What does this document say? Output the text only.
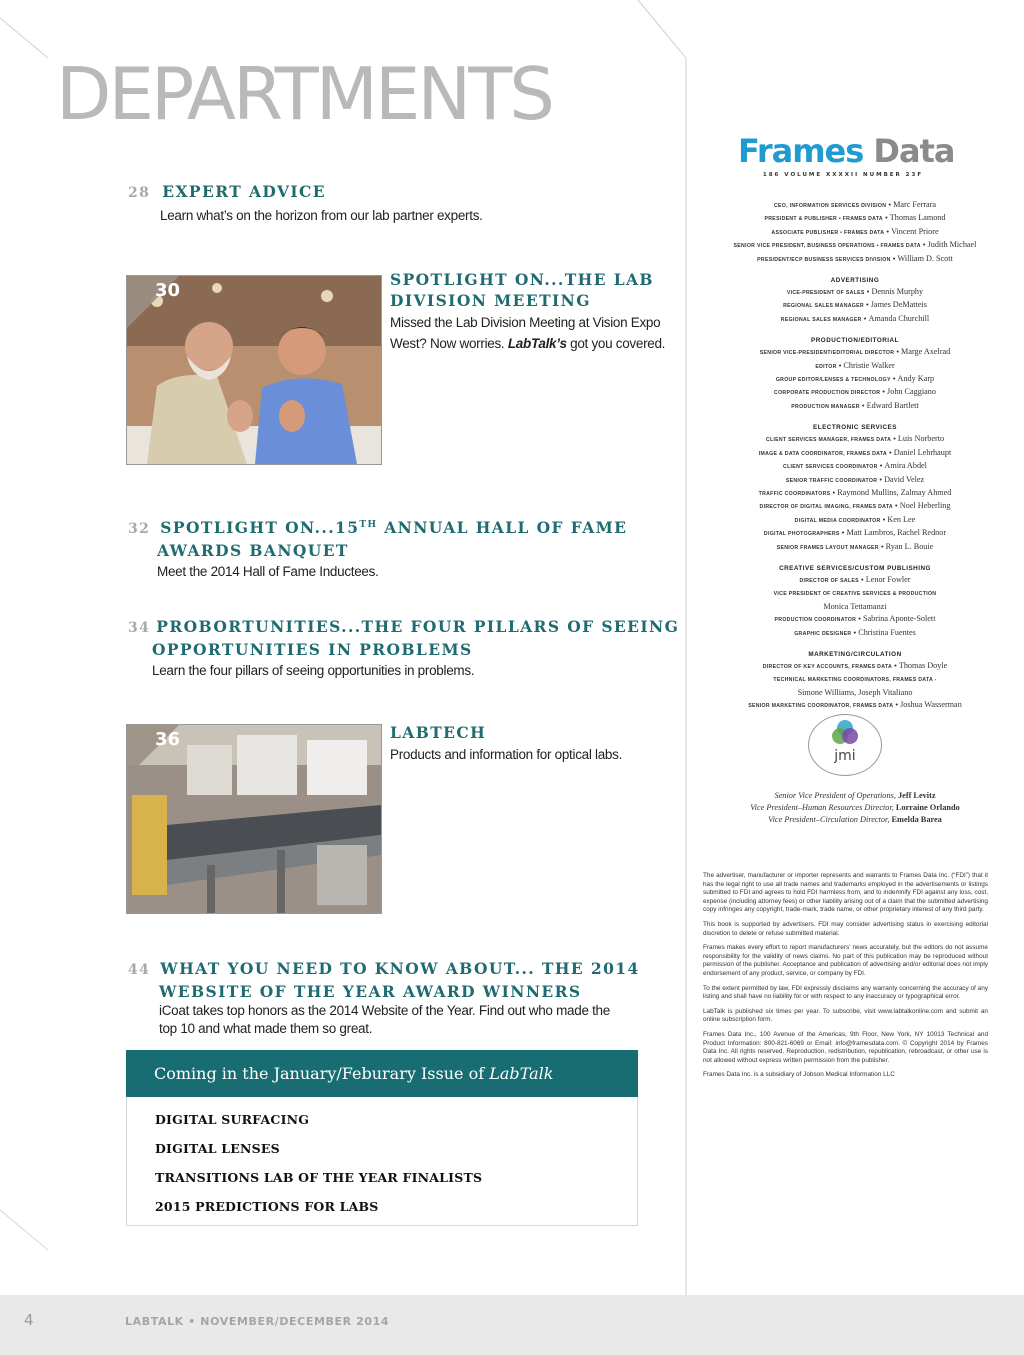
DEPARTMENTS
28 EXPERT ADVICE
Learn what’s on the horizon from our lab partner experts.
30
SPOTLIGHT ON...THE LAB
DIVISION MEETING
Missed the Lab Division Meeting at Vision Expo
West? Now worries. LabTalk’s got you covered.
32 SPOTLIGHT ON...15TH ANNUAL HALL OF FAME
AWARDS BANQUET
Meet the 2014 Hall of Fame Inductees.
34 PROBORTUNITIES...THE FOUR PILLARS OF SEEING
OPPORTUNITIES IN PROBLEMS
Learn the four pillars of seeing opportunities in problems.
36	LABTECH
Products and information for optical labs.
44 WHAT YOU NEED TO KNOW ABOUT... THE 2014
WEBSITE OF THE YEAR AWARD WINNERS
iCoat takes top honors as the 2014 Website of the Year. Find out who made the
top 10 and what made them so great.
Coming in the January/Feburary Issue of LabTalk
DIGITAL SURFACING
DIGITAL LENSES
TRANSITIONS LAB OF THE YEAR FINALISTS
2015 PREDICTIONS FOR LABS
Frames Data
186 VOLUME XXXXII NUMBER 23F
CEO, INFORMATION SERVICES DIVISION • Marc Ferrara
PRESIDENT & PUBLISHER • FRAMES DATA • Thomas Lamond
ASSOCIATE PUBLISHER • FRAMES DATA • Vincent Priore
SENIOR VICE PRESIDENT, BUSINESS OPERATIONS • FRAMES DATA • Judith Michael
PRESIDENT/ECP BUSINESS SERVICES DIVISION • William D. Scott
ADVERTISING
VICE-PRESIDENT OF SALES • Dennis Murphy
REGIONAL SALES MANAGER • James DeMatteis
REGIONAL SALES MANAGER • Amanda Churchill
PRODUCTION/EDITORIAL
SENIOR VICE-PRESIDENT/EDITORIAL DIRECTOR • Marge Axelrad
EDITOR • Christie Walker
GROUP EDITOR/LENSES & TECHNOLOGY • Andy Karp
CORPORATE PRODUCTION DIRECTOR • John Caggiano
PRODUCTION MANAGER • Edward Bartlett
ELECTRONIC SERVICES
CLIENT SERVICES MANAGER, FRAMES DATA • Luis Norberto
IMAGE & DATA COORDINATOR, FRAMES DATA • Daniel Lehrhaupt
CLIENT SERVICES COORDINATOR • Amira Abdel
SENIOR TRAFFIC COORDINATOR • David Velez
TRAFFIC COORDINATORS • Raymond Mullins, Zalmay Ahmed
DIRECTOR OF DIGITAL IMAGING, FRAMES DATA • Noel Heberling
DIGITAL MEDIA COORDINATOR • Ken Lee
DIGITAL PHOTOGRAPHERS • Matt Lambros, Rachel Rednor
SENIOR FRAMES LAYOUT MANAGER • Ryan L. Bouie
CREATIVE SERVICES/CUSTOM PUBLISHING
DIRECTOR OF SALES • Lenor Fowler
VICE PRESIDENT OF CREATIVE SERVICES & PRODUCTION
Monica Tettamanzi
PRODUCTION COORDINATOR • Sabrina Aponte-Solett
GRAPHIC DESIGNER • Christina Fuentes
MARKETING/CIRCULATION
DIRECTOR OF KEY ACCOUNTS, FRAMES DATA • Thomas Doyle
TECHNICAL MARKETING COORDINATORS, FRAMES DATA -
Simone Williams, Joseph Vitaliano
SENIOR MARKETING COORDINATOR, FRAMES DATA • Joshua Wasserman
jmi
Senior Vice President of Operations, Jeff Levitz
Vice President–Human Resources Director, Lorraine Orlando
Vice President–Circulation Director, Emelda Barea

The advertiser, manufacturer or importer represents and warrants to Frames Data Inc. (“FDI”) that it has the legal right to use all trade names and trademarks employed in the advertisements or listings submitted to FDI and agrees to hold FDI harmless from, and to indemnify FDI against any loss, cost, expense (including attorney fees) or other liability arising out of a claim that the submitted advertising copy infringes any copyright, trade-mark, trade name, or other proprietary interest of any third party.

This book is supported by advertisers. FDI may consider advertising status in exercising editorial discretion to delete or refuse submitted material.

Frames makes every effort to report manufacturers’ news accurately, but the editors do not assume responsibility for the validity of news claims. No part of this publication may be reproduced without permission of the publisher. Acceptance and publication of advertising and/or editorial does not imply endorsement of any product, service, or company by FDI.

To the extent permitted by law, FDI expressly disclaims any warranty concerning the accuracy of any listing and shall have no liability for or with respect to any inaccuracy or typographical error.

LabTalk is published six times per year. To subscribe, visit www.labtalkonline.com and submit an online subscription form.

Frames Data Inc., 100 Avenue of the Americas, 9th Floor, New York, NY 10013 Technical and Product Information: 800-821-6069 or Email: info@framesdata.com. © Copyright 2014 by Frames Data Inc. All rights reserved. Reproduction, redistribution, republication, rebroadcast, or other use is not allowed without express written permission from the publisher.

Frames Data Inc. is a subsidiary of Jobson Medical Information LLC

4	LABTALK • NOVEMBER/DECEMBER 2014
